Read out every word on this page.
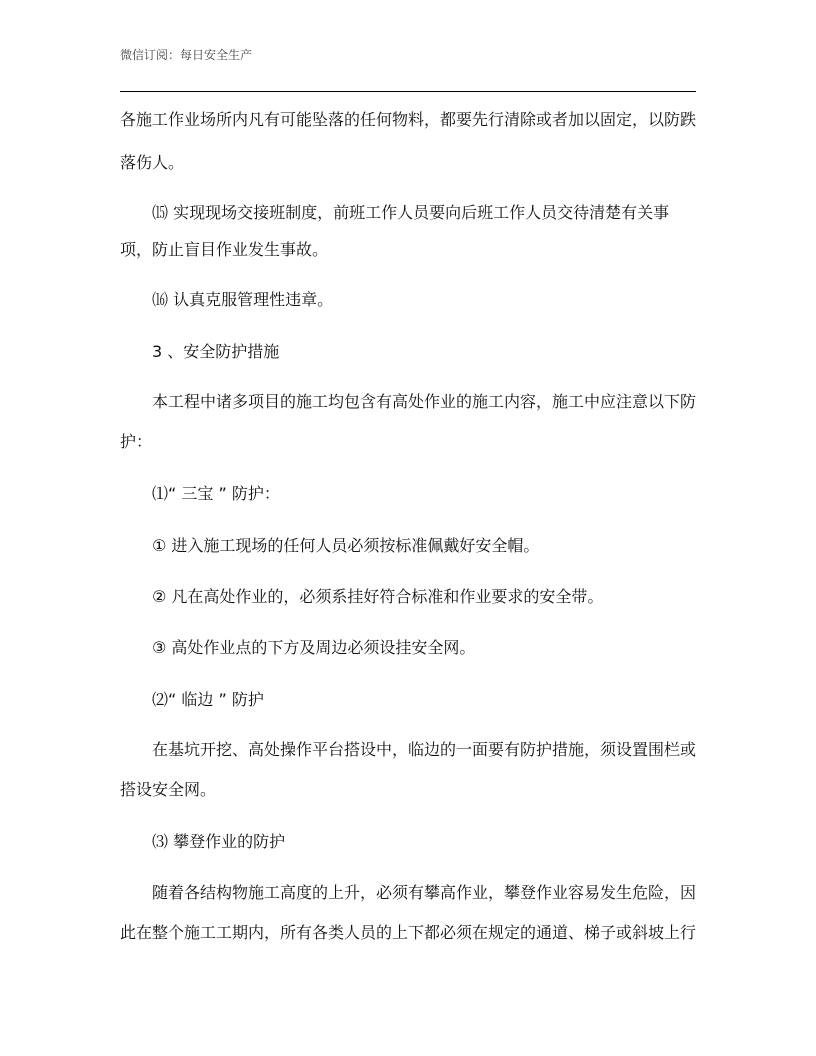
微信订阅：每日安全生产
各施工作业场所内凡有可能坠落的任何物料，都要先行清除或者加以固定，以防跌
落伤人。
⒂ 实现现场交接班制度，前班工作人员要向后班工作人员交待清楚有关事
项，防止盲目作业发生事故。
⒃ 认真克服管理性违章。
3 、安全防护措施
本工程中诸多项目的施工均包含有高处作业的施工内容，施工中应注意以下防
护：
⑴“ 三宝 ” 防护：
① 进入施工现场的任何人员必须按标准佩戴好安全帽。
② 凡在高处作业的，必须系挂好符合标准和作业要求的安全带。
③ 高处作业点的下方及周边必须设挂安全网。
⑵“ 临边 ” 防护
在基坑开挖、高处操作平台搭设中，临边的一面要有防护措施，须设置围栏或
搭设安全网。
⑶ 攀登作业的防护
随着各结构物施工高度的上升，必须有攀高作业，攀登作业容易发生危险，因
此在整个施工工期内，所有各类人员的上下都必须在规定的通道、梯子或斜坡上行
